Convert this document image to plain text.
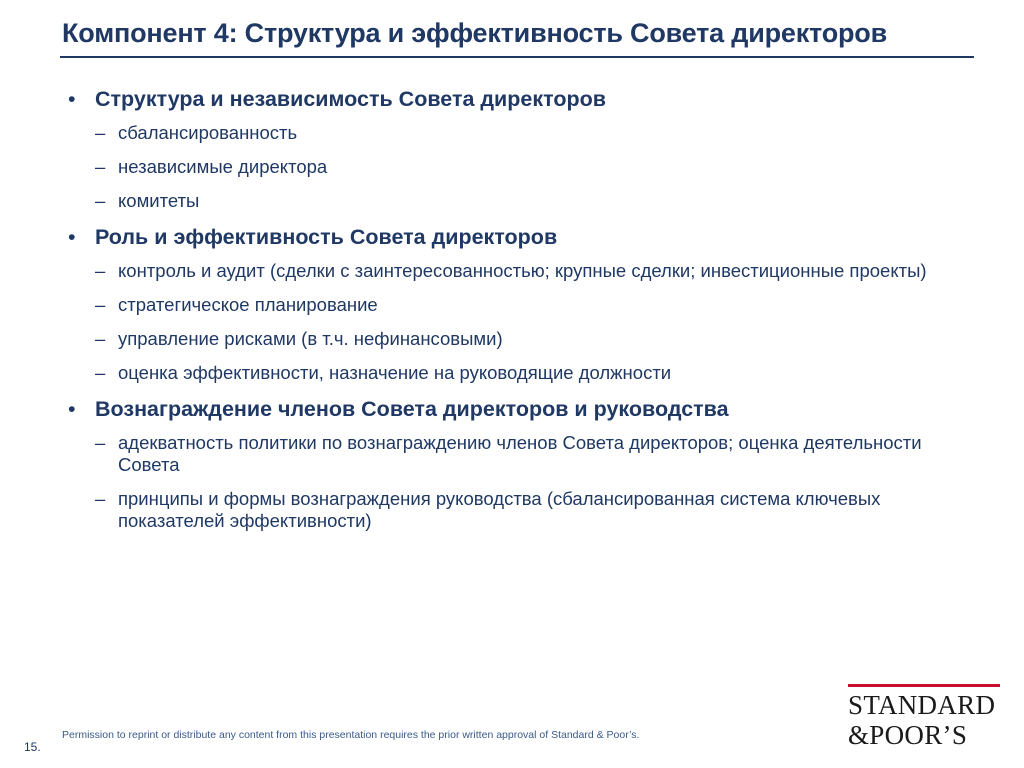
Компонент 4: Структура и эффективность Совета директоров
• Структура и независимость Совета директоров
– сбалансированность
– независимые директора
– комитеты
• Роль и эффективность Совета директоров
– контроль и аудит (сделки с заинтересованностью; крупные сделки; инвестиционные проекты)
– стратегическое планирование
– управление рисками (в т.ч. нефинансовыми)
– оценка эффективности, назначение на руководящие должности
• Вознаграждение членов Совета директоров и руководства
– адекватность политики по вознаграждению членов Совета директоров; оценка деятельности Совета
– принципы и формы вознаграждения руководства (сбалансированная система ключевых показателей эффективности)
Permission to reprint or distribute any content from this presentation requires the prior written approval of Standard & Poor’s.
15.
STANDARD
&POOR’S
